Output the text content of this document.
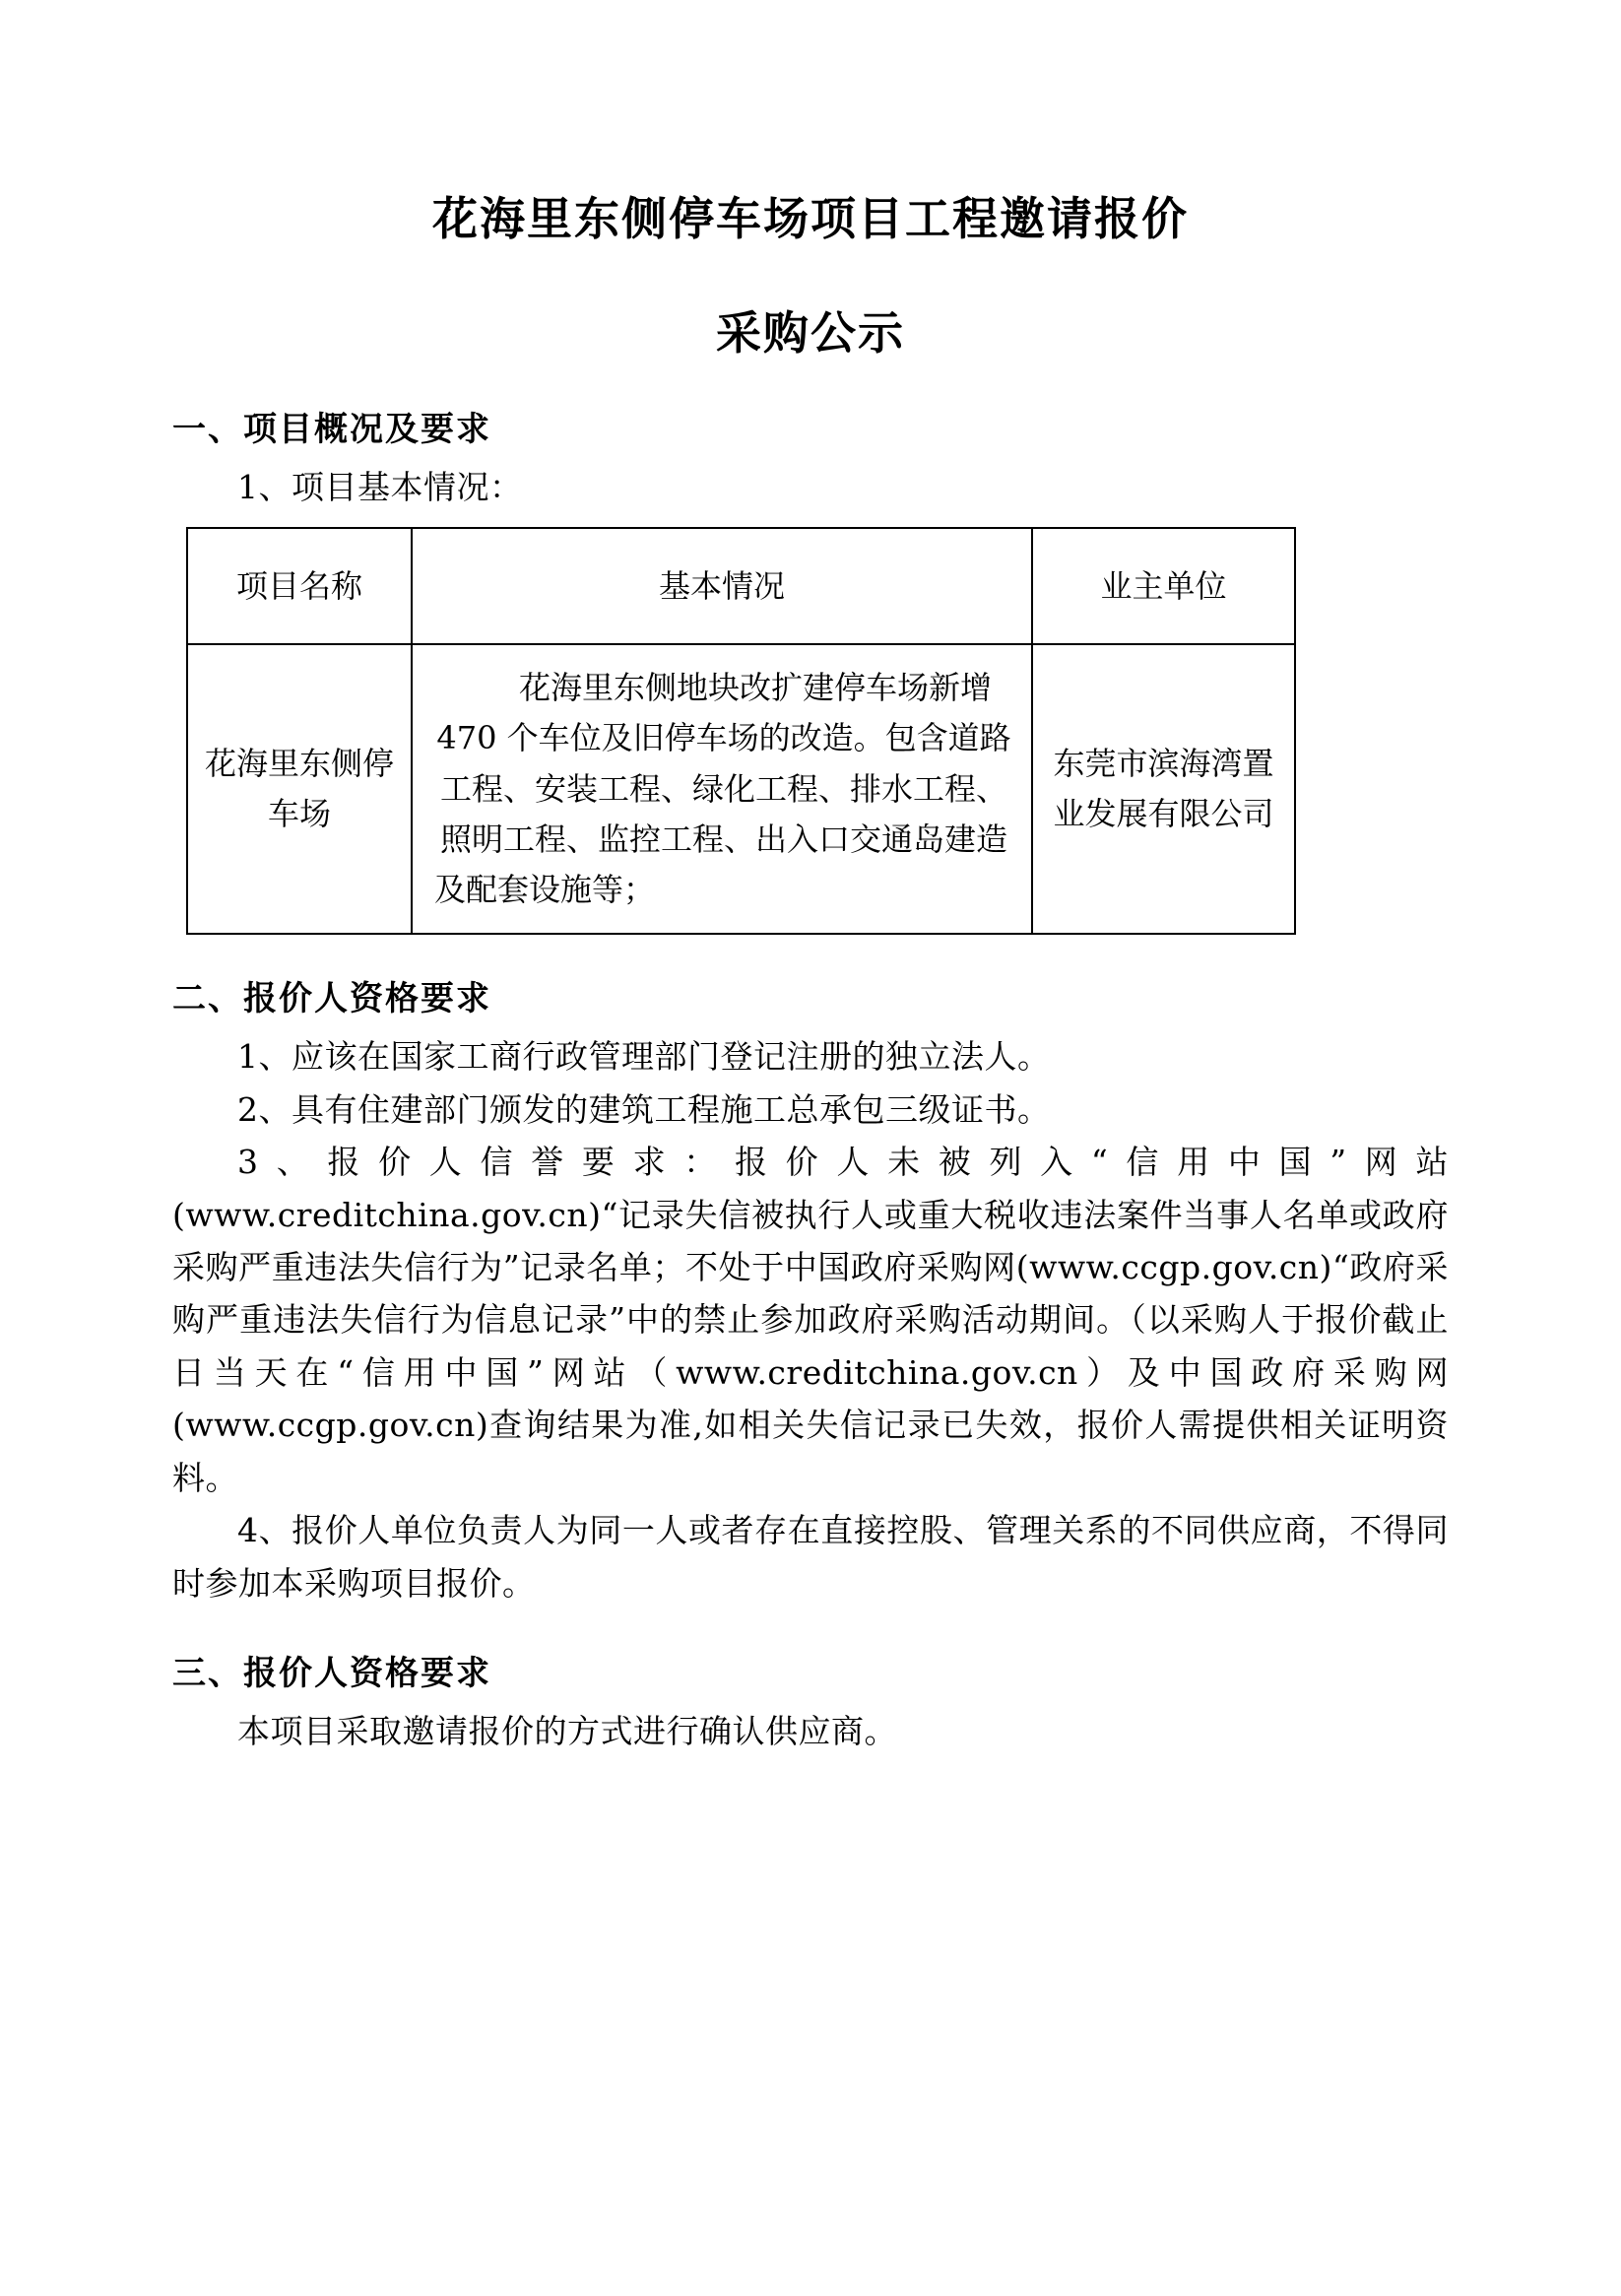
花海里东侧停车场项目工程邀请报价
采购公示
一、项目概况及要求
1、项目基本情况：
项目名称	基本情况	业主单位
花海里东侧停车场	花海里东侧地块改扩建停车场新增 470 个车位及旧停车场的改造。包含道路工程、安装工程、绿化工程、排水工程、照明工程、监控工程、出入口交通岛建造及配套设施等；	东莞市滨海湾置业发展有限公司
二、报价人资格要求

1、应该在国家工商行政管理部门登记注册的独立法人。

2、具有住建部门颁发的建筑工程施工总承包三级证书。

3、报价人信誉要求：报价人未被列入“信用中国”网站(www.creditchina.gov.cn)“记录失信被执行人或重大税收违法案件当事人名单或政府采购严重违法失信行为”记录名单；不处于中国政府采购网(www.ccgp.gov.cn)“政府采购严重违法失信行为信息记录”中的禁止参加政府采购活动期间。（以采购人于报价截止日当天在“信用中国”网站（www.creditchina.gov.cn）及中国政府采购网(www.ccgp.gov.cn)查询结果为准,如相关失信记录已失效，报价人需提供相关证明资料。

4、报价人单位负责人为同一人或者存在直接控股、管理关系的不同供应商，不得同时参加本采购项目报价。

三、报价人资格要求
本项目采取邀请报价的方式进行确认供应商。
